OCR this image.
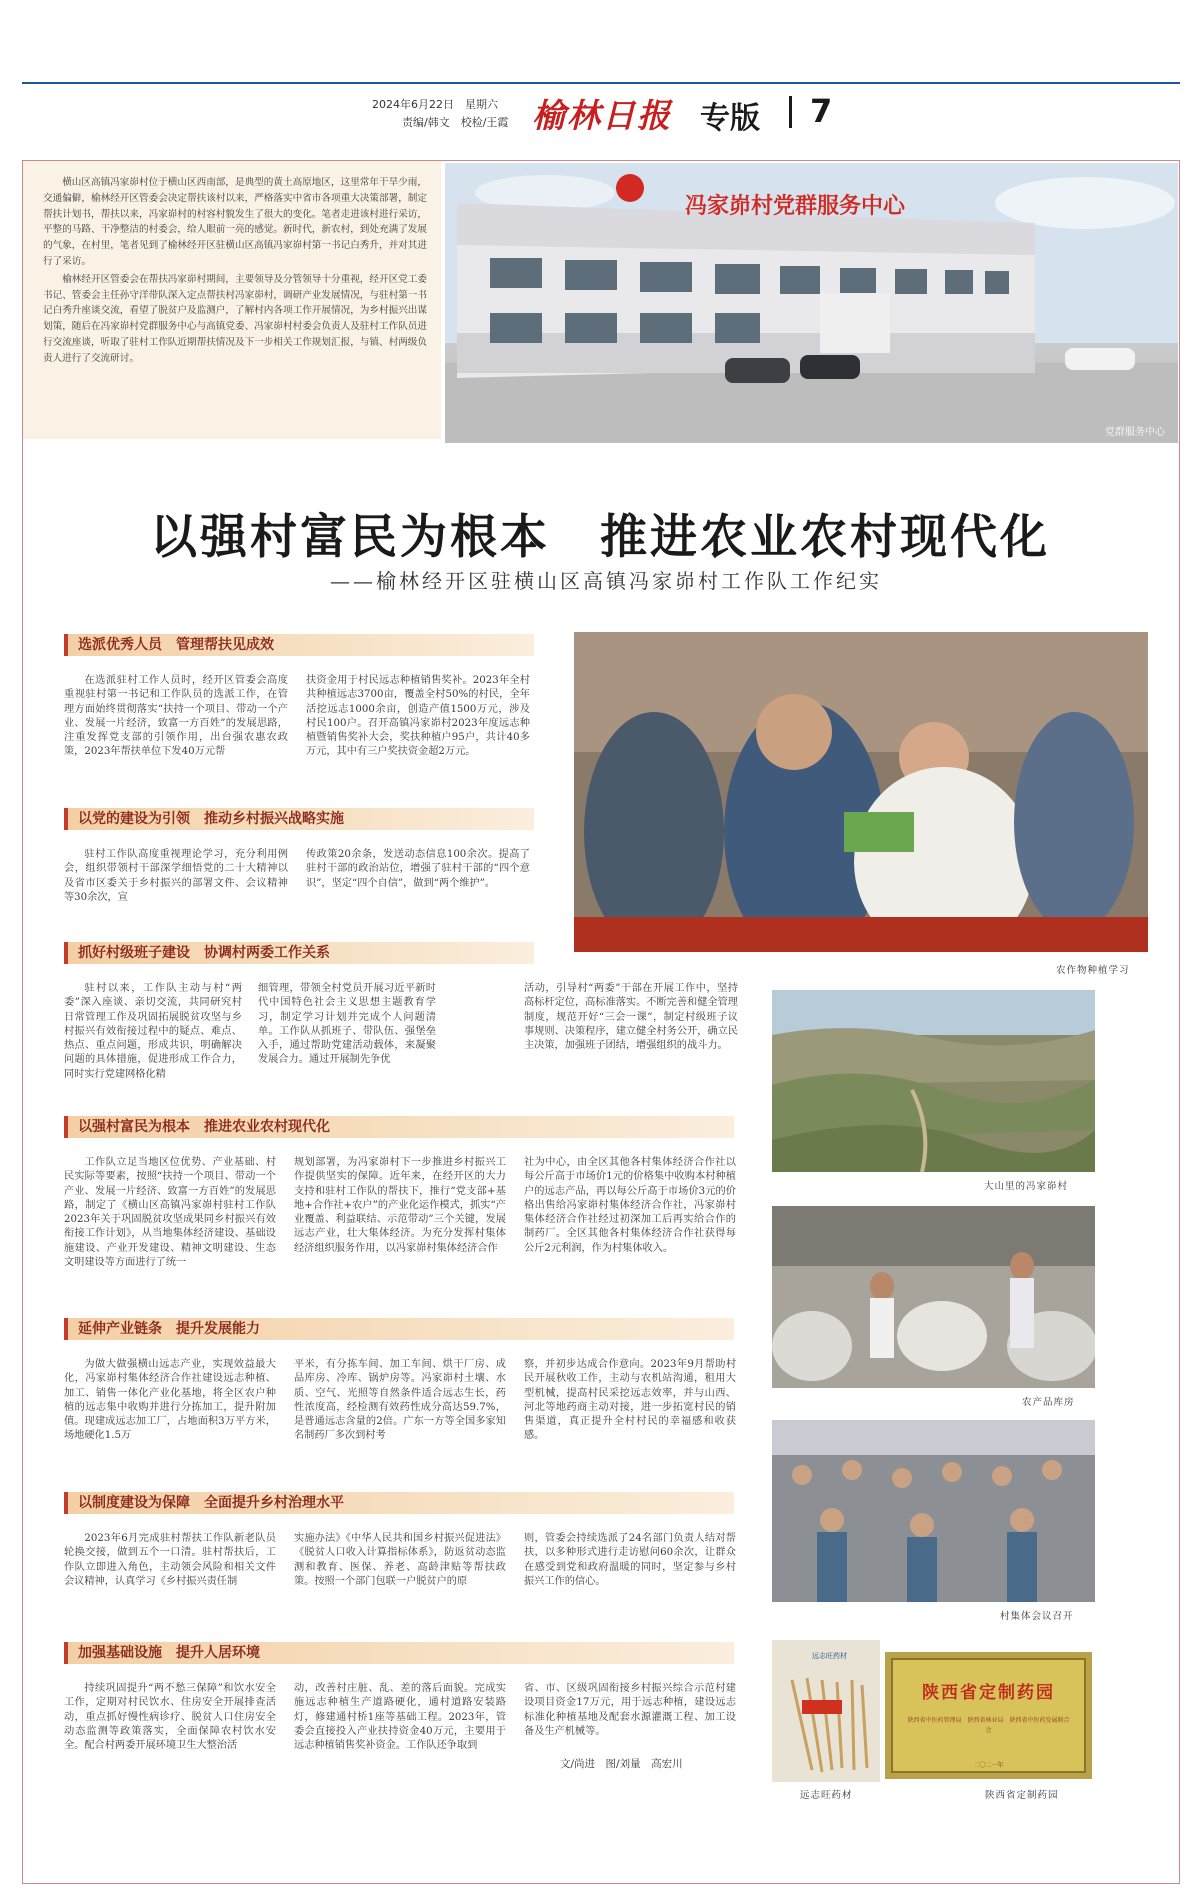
2024年6月22日　星期六
责编/韩文　校检/王霞 榆林日报 专版 7

横山区高镇冯家峁村位于横山区西南部，是典型的黄土高原地区，这里常年干旱少雨，交通偏僻，榆林经开区管委会决定帮扶该村以来，严格落实中省市各项重大决策部署，制定帮扶计划书，帮扶以来，冯家峁村的村容村貌发生了很大的变化。笔者走进该村进行采访，平整的马路、干净整洁的村委会，给人眼前一亮的感觉。新时代，新农村，到处充满了发展的气象，在村里，笔者见到了榆林经开区驻横山区高镇冯家峁村第一书记白秀升，并对其进行了采访。

榆林经开区管委会在帮扶冯家峁村期间，主要领导及分管领导十分重视，经开区党工委书记、管委会主任孙守洋带队深入定点帮扶村冯家峁村，调研产业发展情况，与驻村第一书记白秀升座谈交流，看望了脱贫户及监测户，了解村内各项工作开展情况，为乡村振兴出谋划策，随后在冯家峁村党群服务中心与高镇党委、冯家峁村村委会负责人及驻村工作队员进行交流座谈，听取了驻村工作队近期帮扶情况及下一步相关工作规划汇报，与镇、村两级负责人进行了交流研讨。

冯家峁村党群服务中心
党群服务中心
以强村富民为根本　推进农业农村现代化
——榆林经开区驻横山区高镇冯家峁村工作队工作纪实
农作物种植学习
大山里的冯家峁村
农产品库房
村集体会议召开
远志旺药材
远志旺药材
陕西省定制药园
陕西省中医药管理局　陕西省林业局　陕西省中医药发展联合会
二〇二一年
陕西省定制药园
选派优秀人员　管理帮扶见成效
在选派驻村工作人员时，经开区管委会高度重视驻村第一书记和工作队员的选派工作，在管理方面始终贯彻落实“扶持一个项目、带动一个产业、发展一片经济，致富一方百姓”的发展思路，注重发挥党支部的引领作用，出台强农惠农政策，2023年帮扶单位下发40万元帮
扶资金用于村民远志种植销售奖补。2023年全村共种植远志3700亩，覆盖全村50%的村民，全年活挖远志1000余亩，创造产值1500万元，涉及村民100户。召开高镇冯家峁村2023年度远志种植暨销售奖补大会，奖扶种植户95户，共计40多万元，其中有三户奖扶资金超2万元。
以党的建设为引领　推动乡村振兴战略实施
驻村工作队高度重视理论学习，充分利用例会，组织带领村干部深学细悟党的二十大精神以及省市区委关于乡村振兴的部署文件、会议精神等30余次，宣
传政策20余条，发送动态信息100余次。提高了驻村干部的政治站位，增强了驻村干部的“四个意识”，坚定“四个自信”，做到“两个维护”。
抓好村级班子建设　协调村两委工作关系
驻村以来，工作队主动与村“两委”深入座谈、亲切交流，共同研究村日常管理工作及巩固拓展脱贫攻坚与乡村振兴有效衔接过程中的疑点、难点、热点、重点问题，形成共识，明确解决问题的具体措施，促进形成工作合力，同时实行党建网格化精
细管理，带领全村党员开展习近平新时代中国特色社会主义思想主题教育学习，制定学习计划并完成个人问题清单。工作队从抓班子、带队伍、强堡垒入手，通过帮助党建活动载体，来凝聚发展合力。通过开展制先争优
活动，引导村“两委”干部在开展工作中，坚持高标杆定位，高标准落实。不断完善和健全管理制度，规范开好“三会一课”，制定村级班子议事规则、决策程序，建立健全村务公开，确立民主决策，加强班子团结，增强组织的战斗力。
以强村富民为根本　推进农业农村现代化
工作队立足当地区位优势、产业基础、村民实际等要素，按照“扶持一个项目、带动一个产业、发展一片经济、致富一方百姓”的发展思路，制定了《横山区高镇冯家峁村驻村工作队2023年关于巩固脱贫攻坚成果同乡村振兴有效衔接工作计划》，从当地集体经济建设、基础设施建设、产业开发建设、精神文明建设、生态文明建设等方面进行了统一
规划部署，为冯家峁村下一步推进乡村振兴工作提供坚实的保障。近年来，在经开区的大力支持和驻村工作队的帮扶下，推行“党支部+基地+合作社+农户”的产业化运作模式，抓实“产业覆盖、利益联结、示范带动”三个关键，发展远志产业，壮大集体经济。为充分发挥村集体经济组织服务作用，以冯家峁村集体经济合作
社为中心，由全区其他各村集体经济合作社以每公斤高于市场价1元的价格集中收购本村种植户的远志产品，再以每公斤高于市场价3元的价格出售给冯家峁村集体经济合作社，冯家峁村集体经济合作社经过初深加工后再实给合作的制药厂。全区其他各村集体经济合作社获得每公斤2元利润，作为村集体收入。
延伸产业链条　提升发展能力
为做大做强横山远志产业，实现效益最大化，冯家峁村集体经济合作社建设远志种植、加工、销售一体化产业化基地，将全区农户种植的远志集中收购并进行分拣加工，提升附加值。现建成远志加工厂，占地面积3万平方米，场地硬化1.5万
平米，有分拣车间、加工车间、烘干厂房、成品库房、冷库、锅炉房等。冯家峁村土壤、水质、空气、光照等自然条件适合远志生长，药性浓度高，经检测有效药性成分高达59.7%，是普通远志含量的2倍。广东一方等全国多家知名制药厂多次到村考
察，并初步达成合作意向。2023年9月帮助村民开展秋收工作，主动与农机站沟通，租用大型机械，提高村民采挖远志效率，并与山西、河北等地药商主动对接，进一步拓宽村民的销售渠道，真正提升全村村民的幸福感和收获感。
以制度建设为保障　全面提升乡村治理水平
2023年6月完成驻村帮扶工作队新老队员轮换交接，做到五个一口清。驻村帮扶后，工作队立即进入角色，主动领会风险和相关文件会议精神，认真学习《乡村振兴责任制
实施办法》《中华人民共和国乡村振兴促进法》《脱贫人口收入计算指标体系》，防返贫动态监测和教育、医保、养老、高龄津贴等帮扶政策。按照一个部门包联一户脱贫户的原
则，管委会持续选派了24名部门负责人结对帮扶，以多种形式进行走访慰问60余次，让群众在感受到党和政府温暖的同时，坚定参与乡村振兴工作的信心。
加强基础设施　提升人居环境
持续巩固提升“两不愁三保障”和饮水安全工作，定期对村民饮水、住房安全开展排查活动，重点抓好慢性病诊疗、脱贫人口住房安全动态监测等政策落实，全面保障农村饮水安全。配合村两委开展环境卫生大整治活
动，改善村庄脏、乱、差的落后面貌。完成实施远志种植生产道路硬化，通村道路安装路灯，修建通村桥1座等基础工程。2023年，管委会直接投入产业扶持资金40万元，主要用于远志种植销售奖补资金。工作队还争取到
省、市、区级巩固衔接乡村振兴综合示范村建设项目资金17万元，用于远志种植，建设远志标准化种植基地及配套水源灌溉工程、加工设备及生产机械等。
文/尚进　图/刘量　高宏川
